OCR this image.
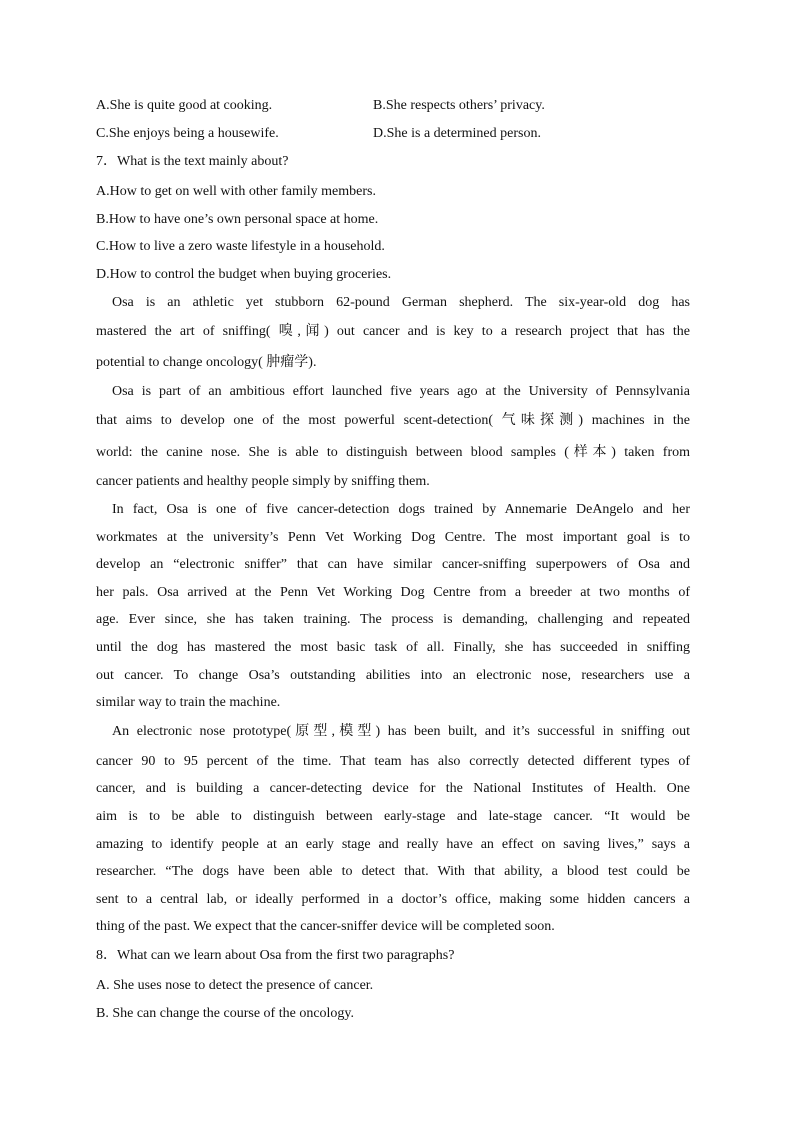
A.She is quite good at cooking.	B.She respects others’ privacy.
C.She enjoys being a housewife.	D.She is a determined person.
7．What is the text mainly about?
A.How to get on well with other family members.
B.How to have one’s own personal space at home.
C.How to live a zero waste lifestyle in a household.
D.How to control the budget when buying groceries.
Osa is an athletic yet stubborn 62-pound German shepherd. The six-year-old dog has
mastered the art of sniffing( 嗅,闻) out cancer and is key to a research project that has the
potential to change oncology( 肿瘤学).
Osa is part of an ambitious effort launched five years ago at the University of Pennsylvania
that aims to develop one of the most powerful scent-detection( 气味探测) machines in the
world: the canine nose. She is able to distinguish between blood samples (样本) taken from
cancer patients and healthy people simply by sniffing them.
In fact, Osa is one of five cancer-detection dogs trained by Annemarie DeAngelo and her
workmates at the university’s Penn Vet Working Dog Centre. The most important goal is to
develop an “electronic sniffer” that can have similar cancer-sniffing superpowers of Osa and
her pals. Osa arrived at the Penn Vet Working Dog Centre from a breeder at two months of
age. Ever since, she has taken training. The process is demanding, challenging and repeated
until the dog has mastered the most basic task of all. Finally, she has succeeded in sniffing
out cancer. To change Osa’s outstanding abilities into an electronic nose, researchers use a
similar way to train the machine.
An electronic nose prototype(原型,模型) has been built, and it’s successful in sniffing out
cancer 90 to 95 percent of the time. That team has also correctly detected different types of
cancer, and is building a cancer-detecting device for the National Institutes of Health. One
aim is to be able to distinguish between early-stage and late-stage cancer. “It would be
amazing to identify people at an early stage and really have an effect on saving lives,” says a
researcher. “The dogs have been able to detect that. With that ability, a blood test could be
sent to a central lab, or ideally performed in a doctor’s office, making some hidden cancers a
thing of the past. We expect that the cancer-sniffer device will be completed soon.
8．What can we learn about Osa from the first two paragraphs?
A. She uses nose to detect the presence of cancer.
B. She can change the course of the oncology.
